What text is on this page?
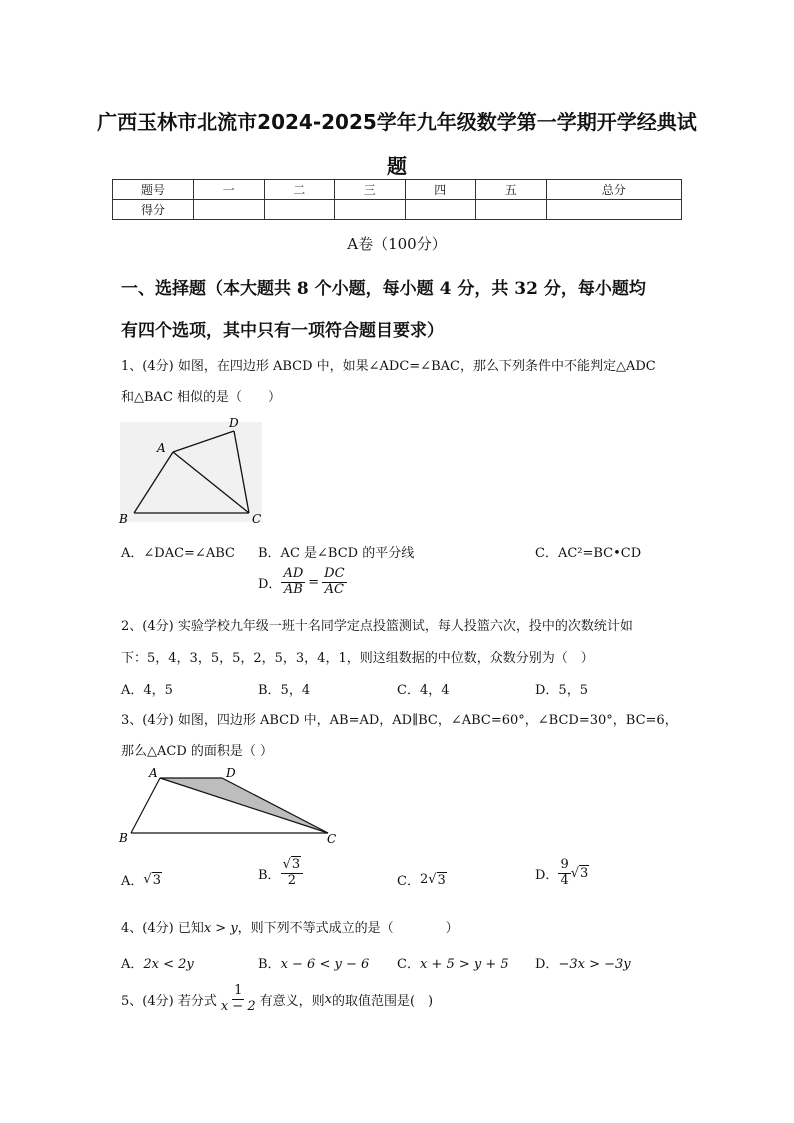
广西玉林市北流市2024-2025学年九年级数学第一学期开学经典试
题
题号	一	二	三	四	五	总分
得分						
A卷（100分）
一、选择题（本大题共 8 个小题，每小题 4 分，共 32 分，每小题均
有四个选项，其中只有一项符合题目要求）
1、(4分) 如图，在四边形 ABCD 中，如果∠ADC=∠BAC，那么下列条件中不能判定△ADC
和△BAC 相似的是（　　）
A
D
B	C
A．∠DAC=∠ABC B．AC 是∠BCD 的平分线	C．AC²=BC•CD
D． $\frac{AD}{AB} = \frac{DC}{AC}$
2、(4分) 实验学校九年级一班十名同学定点投篮测试，每人投篮六次，投中的次数统计如
下：5，4，3，5，5，2，5，3，4，1，则这组数据的中位数，众数分别为（　）
A．4，5	B．5，4	C．4，4	D．5，5
3、(4分) 如图，四边形 ABCD 中，AB=AD，AD∥BC，∠ABC=60°，∠BCD=30°，BC=6，
那么△ACD 的面积是（ ）
A	D
B	C
A． √ 3	B． $\frac{√3}{2}$	C． 2 √ 3	D． $\frac{9}{4}$ √ 3
4、(4分) 已知x > y，则下列不等式成立的是（　　　　）
A．2x < 2y	B．x − 6 < y − 6 C．x + 5 > y + 5 D．−3x > −3y
5、(4分) 若分式 $\frac{1}{x - 2}$ 有意义，则 x 的取值范围是(　)
